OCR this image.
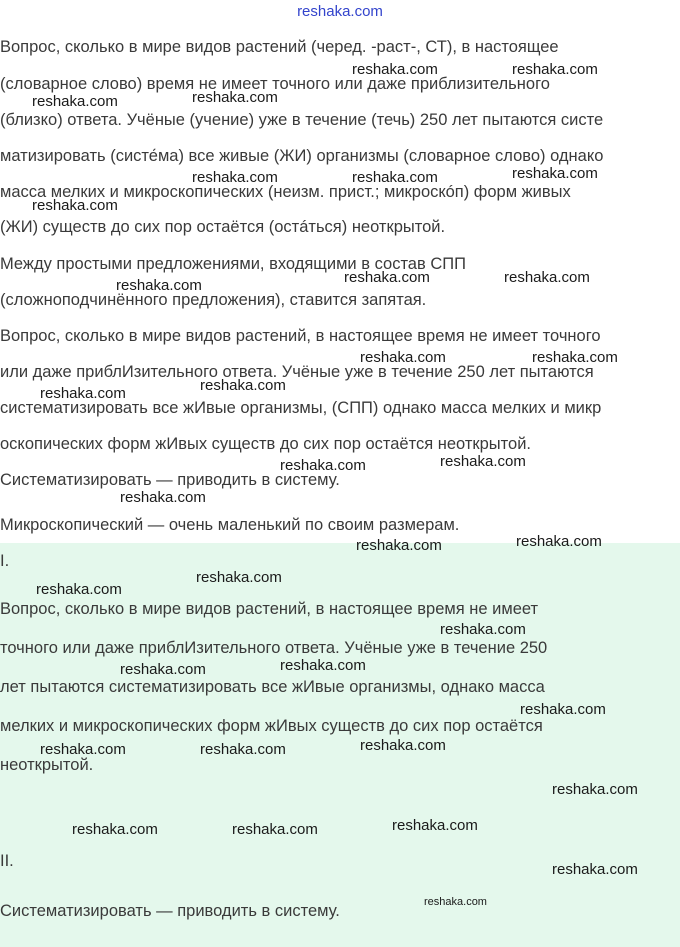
reshaka.com
Вопрос, сколько в мире видов растений (черед. -раст-, СТ), в настоящее
(словарное слово) время не имеет точного или даже приблизительного
(близко) ответа. Учёные (учение) уже в течение (течь) 250 лет пытаются систе
матизировать (систе́ма) все живые (ЖИ) организмы (словарное слово) однако
масса мелких и микроскопических (неизм. прист.; микроскóп) форм живых
(ЖИ) существ до сих пор остаётся (остáться) неоткрытой.
Между простыми предложениями, входящими в состав СПП
(сложноподчинённого предложения), ставится запятая.
Вопрос, сколько в мире видов растений, в настоящее время не имеет точного
или даже приблИзительного ответа. Учёные уже в течение 250 лет пытаются
систематизировать все жИвые организмы, (СПП) однако масса мелких и микр
оскопических форм жИвых существ до сих пор остаётся неоткрытой.
Систематизировать — приводить в систему.
Микроскопический — очень маленький по своим размерам.
I.
Вопрос, сколько в мире видов растений, в настоящее время не имеет
точного или даже приблИзительного ответа. Учёные уже в течение 250
лет пытаются систематизировать все жИвые организмы, однако масса
мелких и микроскопических форм жИвых существ до сих пор остаётся
неоткрытой.
II.
Систематизировать — приводить в систему.
reshaka.com	reshaka.com
reshaka.com	reshaka.com
reshaka.com	reshaka.com	reshaka.com
reshaka.com
reshaka.com	reshaka.com
reshaka.com
reshaka.com	reshaka.com
reshaka.com
reshaka.com
reshaka.com
reshaka.com
reshaka.com
reshaka.com
reshaka.com
reshaka.com
reshaka.com
reshaka.com
reshaka.com
reshaka.com
reshaka.com
reshaka.com
reshaka.com
reshaka.com
reshaka.com
reshaka.com
reshaka.com
reshaka.com
reshaka.com
reshaka.com
